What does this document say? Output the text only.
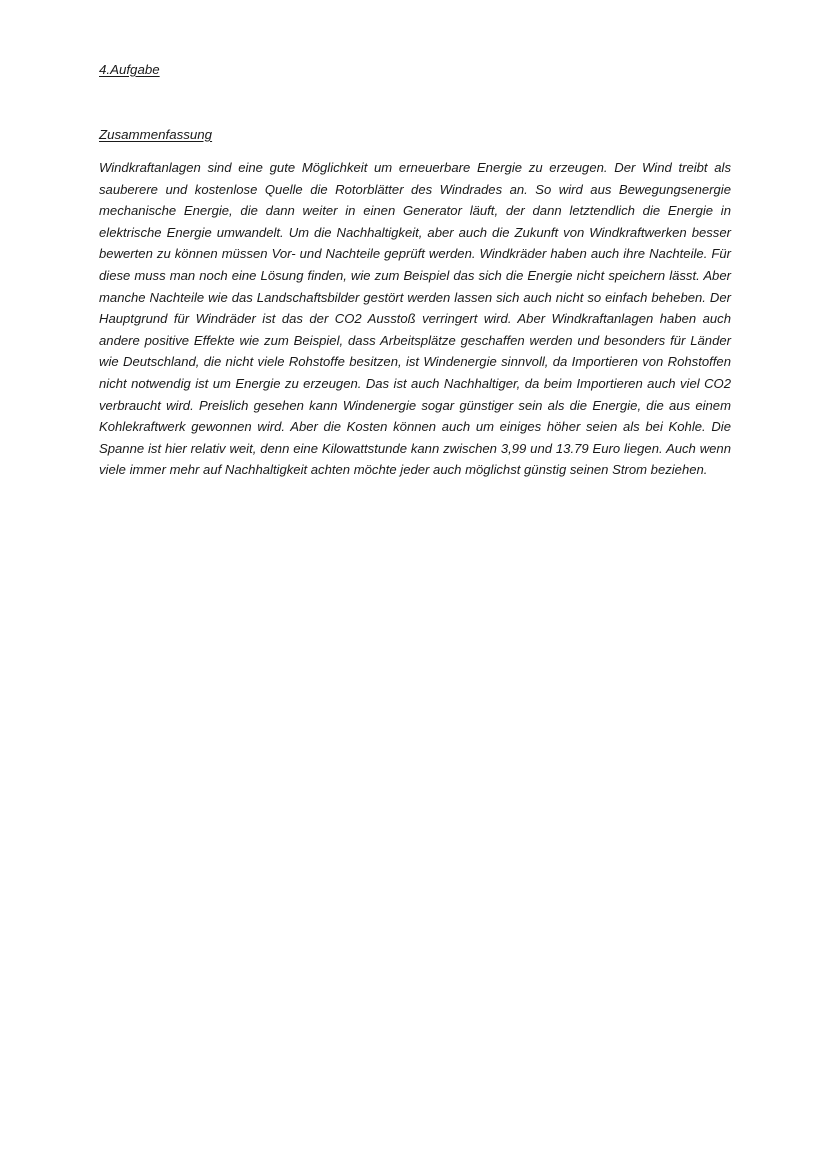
4.Aufgabe
Zusammenfassung

Windkraftanlagen sind eine gute Möglichkeit um erneuerbare Energie zu erzeugen. Der Wind treibt als sauberere und kostenlose Quelle die Rotorblätter des Windrades an. So wird aus Bewegungsenergie mechanische Energie, die dann weiter in einen Generator läuft, der dann letztendlich die Energie in elektrische Energie umwandelt. Um die Nachhaltigkeit, aber auch die Zukunft von Windkraftwerken besser bewerten zu können müssen Vor- und Nachteile geprüft werden. Windkräder haben auch ihre Nachteile. Für diese muss man noch eine Lösung finden, wie zum Beispiel das sich die Energie nicht speichern lässt. Aber manche Nachteile wie das Landschaftsbilder gestört werden lassen sich auch nicht so einfach beheben. Der Hauptgrund für Windräder ist das der CO2 Ausstoß verringert wird. Aber Windkraftanlagen haben auch andere positive Effekte wie zum Beispiel, dass Arbeitsplätze geschaffen werden und besonders für Länder wie Deutschland, die nicht viele Rohstoffe besitzen, ist Windenergie sinnvoll, da Importieren von Rohstoffen nicht notwendig ist um Energie zu erzeugen. Das ist auch Nachhaltiger, da beim Importieren auch viel CO2 verbraucht wird. Preislich gesehen kann Windenergie sogar günstiger sein als die Energie, die aus einem Kohlekraftwerk gewonnen wird. Aber die Kosten können auch um einiges höher seien als bei Kohle. Die Spanne ist hier relativ weit, denn eine Kilowattstunde kann zwischen 3,99 und 13.79 Euro liegen. Auch wenn viele immer mehr auf Nachhaltigkeit achten möchte jeder auch möglichst günstig seinen Strom beziehen.
